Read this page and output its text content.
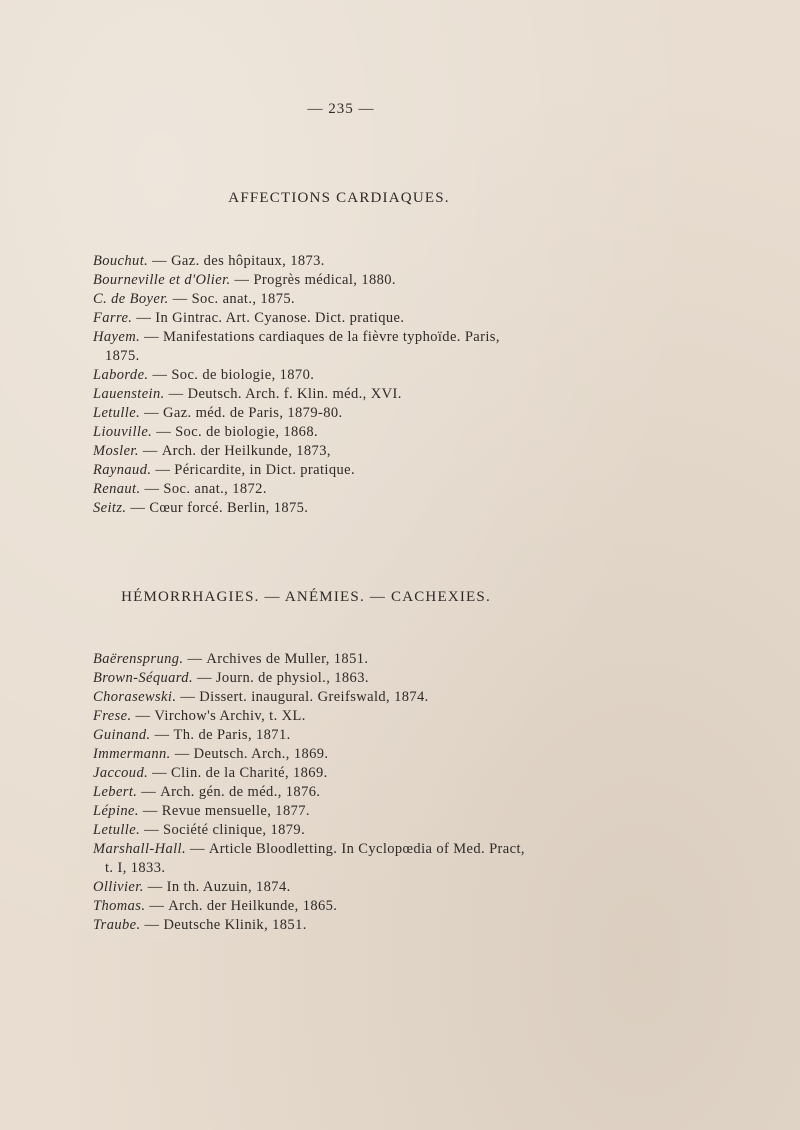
— 235 —
AFFECTIONS CARDIAQUES.
Bouchut. — Gaz. des hôpitaux, 1873.
Bourneville et d'Olier. — Progrès médical, 1880.
C. de Boyer. — Soc. anat., 1875.
Farre. — In Gintrac. Art. Cyanose. Dict. pratique.
Hayem. — Manifestations cardiaques de la fièvre typhoïde. Paris,
1875.
Laborde. — Soc. de biologie, 1870.
Lauenstein. — Deutsch. Arch. f. Klin. méd., XVI.
Letulle. — Gaz. méd. de Paris, 1879-80.
Liouville. — Soc. de biologie, 1868.
Mosler. — Arch. der Heilkunde, 1873,
Raynaud. — Péricardite, in Dict. pratique.
Renaut. — Soc. anat., 1872.
Seitz. — Cœur forcé. Berlin, 1875.
HÉMORRHAGIES. — ANÉMIES. — CACHEXIES.
Baërensprung. — Archives de Muller, 1851.
Brown-Séquard. — Journ. de physiol., 1863.
Chorasewski. — Dissert. inaugural. Greifswald, 1874.
Frese. — Virchow's Archiv, t. XL.
Guinand. — Th. de Paris, 1871.
Immermann. — Deutsch. Arch., 1869.
Jaccoud. — Clin. de la Charité, 1869.
Lebert. — Arch. gén. de méd., 1876.
Lépine. — Revue mensuelle, 1877.
Letulle. — Société clinique, 1879.
Marshall-Hall. — Article Bloodletting. In Cyclopœdia of Med. Pract,
t. I, 1833.
Ollivier. — In th. Auzuin, 1874.
Thomas. — Arch. der Heilkunde, 1865.
Traube. — Deutsche Klinik, 1851.
